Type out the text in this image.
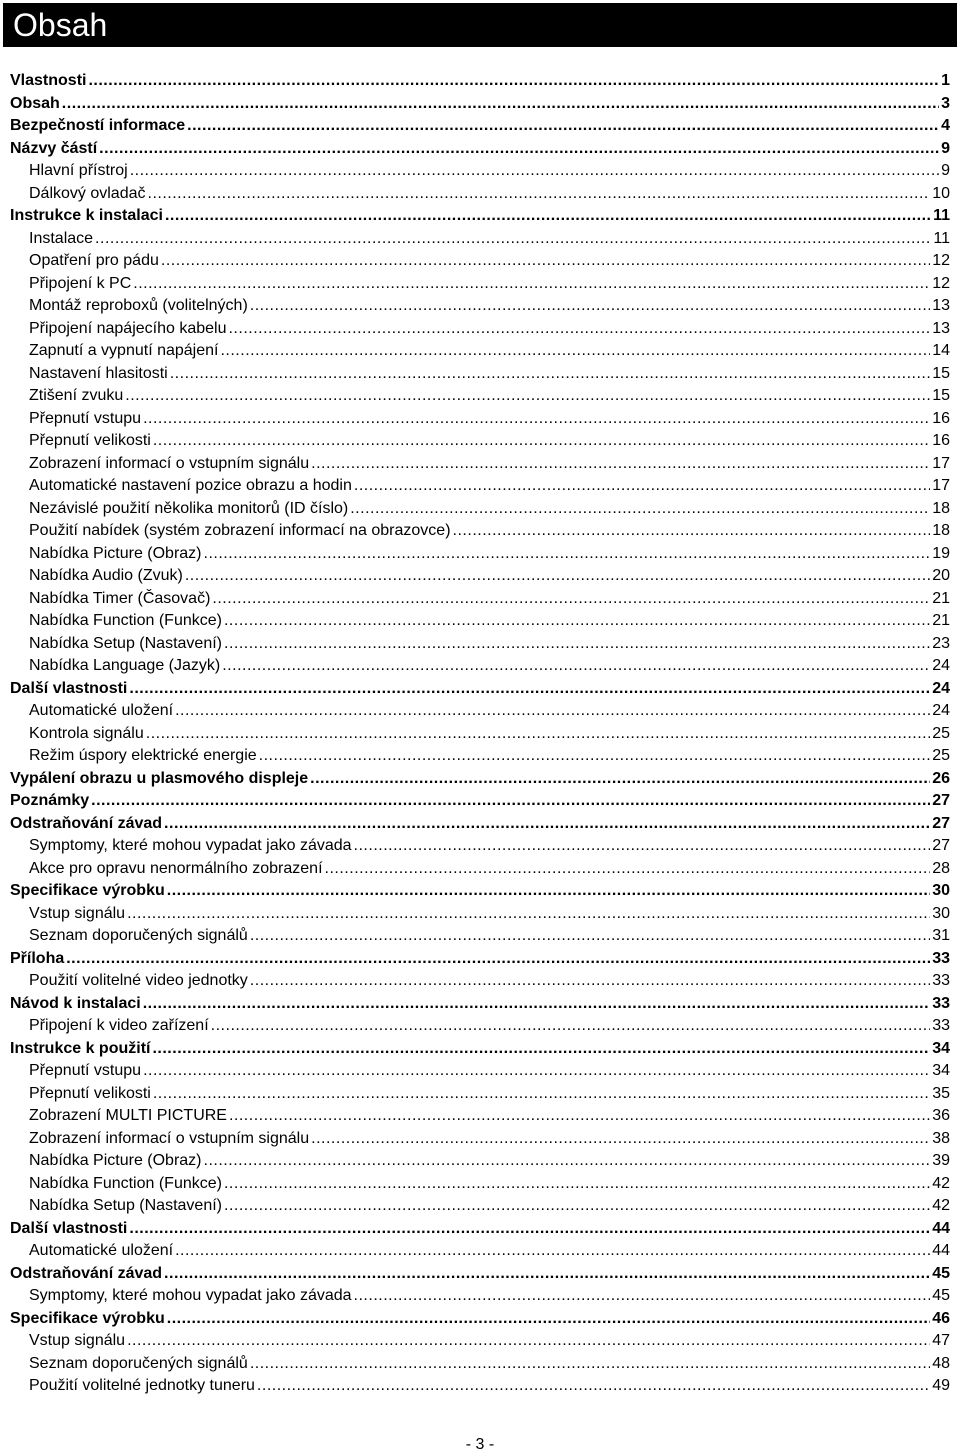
Obsah
Vlastnosti .....	1
Obsah .....	3
Bezpečností informace .....	4
Názvy částí .....	9
Hlavní přístroj .....	9
Dálkový ovladač .....	10
Instrukce k instalaci .....	11
Instalace .....	11
Opatření pro pádu .....	12
Připojení k PC .....	12
Montáž reproboxů (volitelných) .....	13
Připojení napájecího kabelu .....	13
Zapnutí a vypnutí napájení .....	14
Nastavení hlasitosti .....	15
Ztišení zvuku .....	15
Přepnutí vstupu .....	16
Přepnutí velikosti .....	16
Zobrazení informací o vstupním signálu .....	17
Automatické nastavení pozice obrazu a hodin .....	17
Nezávislé použití několika monitorů (ID číslo) .....	18
Použití nabídek (systém zobrazení informací na obrazovce) .....	18
Nabídka Picture (Obraz) .....	19
Nabídka Audio (Zvuk) .....	20
Nabídka Timer (Časovač) .....	21
Nabídka Function (Funkce) .....	21
Nabídka Setup (Nastavení) .....	23
Nabídka Language (Jazyk) .....	24
Další vlastnosti .....	24
Automatické uložení .....	24
Kontrola signálu .....	25
Režim úspory elektrické energie .....	25
Vypálení obrazu u plasmového displeje .....	26
Poznámky .....	27
Odstraňování závad .....	27
Symptomy, které mohou vypadat jako závada .....	27
Akce pro opravu nenormálního zobrazení .....	28
Specifikace výrobku .....	30
Vstup signálu .....	30
Seznam doporučených signálů .....	31
Příloha .....	33
Použití volitelné video jednotky .....	33
Návod k instalaci .....	33
Připojení k video zařízení .....	33
Instrukce k použití .....	34
Přepnutí vstupu .....	34
Přepnutí velikosti .....	35
Zobrazení MULTI PICTURE .....	36
Zobrazení informací o vstupním signálu .....	38
Nabídka Picture (Obraz) .....	39
Nabídka Function (Funkce) .....	42
Nabídka Setup (Nastavení) .....	42
Další vlastnosti .....	44
Automatické uložení .....	44
Odstraňování závad .....	45
Symptomy, které mohou vypadat jako závada .....	45
Specifikace výrobku .....	46
Vstup signálu .....	47
Seznam doporučených signálů .....	48
Použití volitelné jednotky tuneru .....	49
- 3 -
